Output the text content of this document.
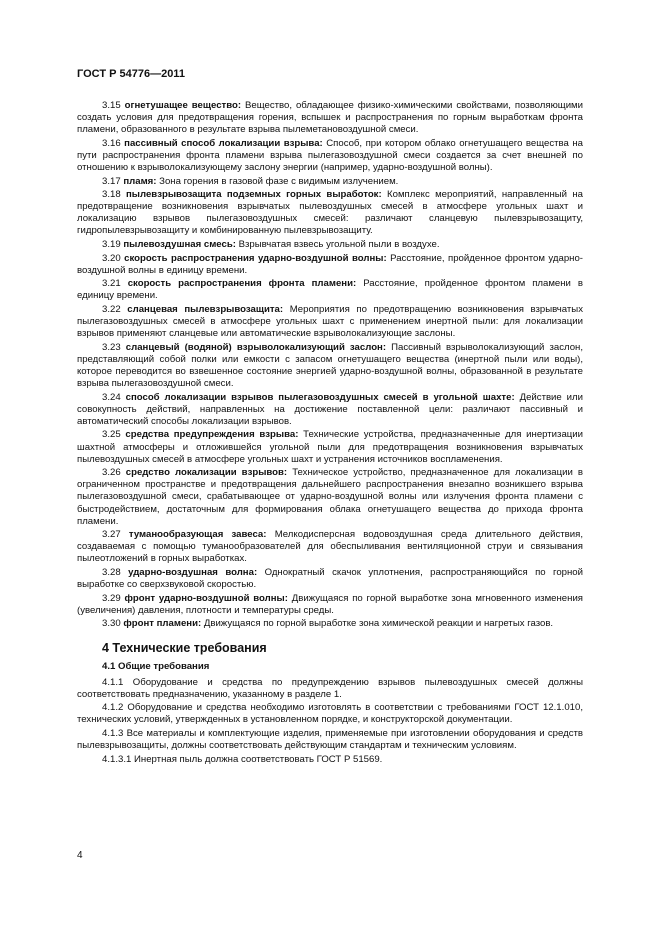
ГОСТ Р 54776—2011

3.15 огнетушащее вещество: Вещество, обладающее физико-химическими свойствами, позволяющими создать условия для предотвращения горения, вспышек и распространения по горным выработкам фронта пламени, образованного в результате взрыва пылеметановоздушной смеси.

3.16 пассивный способ локализации взрыва: Способ, при котором облако огнетушащего вещества на пути распространения фронта пламени взрыва пылегазовоздушной смеси создается за счет внешней по отношению к взрыволокализующему заслону энергии (например, ударно-воздушной волны).

3.17 пламя: Зона горения в газовой фазе с видимым излучением.

3.18 пылевзрывозащита подземных горных выработок: Комплекс мероприятий, направленный на предотвращение возникновения взрывчатых пылевоздушных смесей в атмосфере угольных шахт и локализацию взрывов пылегазовоздушных смесей: различают сланцевую пылевзрывозащиту, гидропылевзрывозащиту и комбинированную пылевзрывозащиту.

3.19 пылевоздушная смесь: Взрывчатая взвесь угольной пыли в воздухе.

3.20 скорость распространения ударно-воздушной волны: Расстояние, пройденное фронтом ударно-воздушной волны в единицу времени.

3.21 скорость распространения фронта пламени: Расстояние, пройденное фронтом пламени в единицу времени.

3.22 сланцевая пылевзрывозащита: Мероприятия по предотвращению возникновения взрывчатых пылегазовоздушных смесей в атмосфере угольных шахт с применением инертной пыли: для локализации взрывов применяют сланцевые или автоматические взрыволокализующие заслоны.

3.23 сланцевый (водяной) взрыволокализующий заслон: Пассивный взрыволокализующий заслон, представляющий собой полки или емкости с запасом огнетушащего вещества (инертной пыли или воды), которое переводится во взвешенное состояние энергией ударно-воздушной волны, образованной в результате взрыва пылегазовоздушной смеси.

3.24 способ локализации взрывов пылегазовоздушных смесей в угольной шахте: Действие или совокупность действий, направленных на достижение поставленной цели: различают пассивный и автоматический способы локализации взрывов.

3.25 средства предупреждения взрыва: Технические устройства, предназначенные для инертизации шахтной атмосферы и отложившейся угольной пыли для предотвращения возникновения взрывчатых пылевоздушных смесей в атмосфере угольных шахт и устранения источников воспламенения.

3.26 средство локализации взрывов: Техническое устройство, предназначенное для локализации в ограниченном пространстве и предотвращения дальнейшего распространения внезапно возникшего взрыва пылегазовоздушной смеси, срабатывающее от ударно-воздушной волны или излучения фронта пламени с быстродействием, достаточным для формирования облака огнетушащего вещества до прихода фронта пламени.

3.27 туманообразующая завеса: Мелкодисперсная водовоздушная среда длительного действия, создаваемая с помощью туманообразователей для обеспыливания вентиляционной струи и связывания пылеотложений в горных выработках.

3.28 ударно-воздушная волна: Однократный скачок уплотнения, распространяющийся по горной выработке со сверхзвуковой скоростью.

3.29 фронт ударно-воздушной волны: Движущаяся по горной выработке зона мгновенного изменения (увеличения) давления, плотности и температуры среды.

3.30 фронт пламени: Движущаяся по горной выработке зона химической реакции и нагретых газов.

4 Технические требования
4.1 Общие требования

4.1.1 Оборудование и средства по предупреждению взрывов пылевоздушных смесей должны соответствовать предназначению, указанному в разделе 1.

4.1.2 Оборудование и средства необходимо изготовлять в соответствии с требованиями ГОСТ 12.1.010, технических условий, утвержденных в установленном порядке, и конструкторской документации.

4.1.3 Все материалы и комплектующие изделия, применяемые при изготовлении оборудования и средств пылевзрывозащиты, должны соответствовать действующим стандартам и техническим условиям.

4.1.3.1 Инертная пыль должна соответствовать ГОСТ Р 51569.

4
